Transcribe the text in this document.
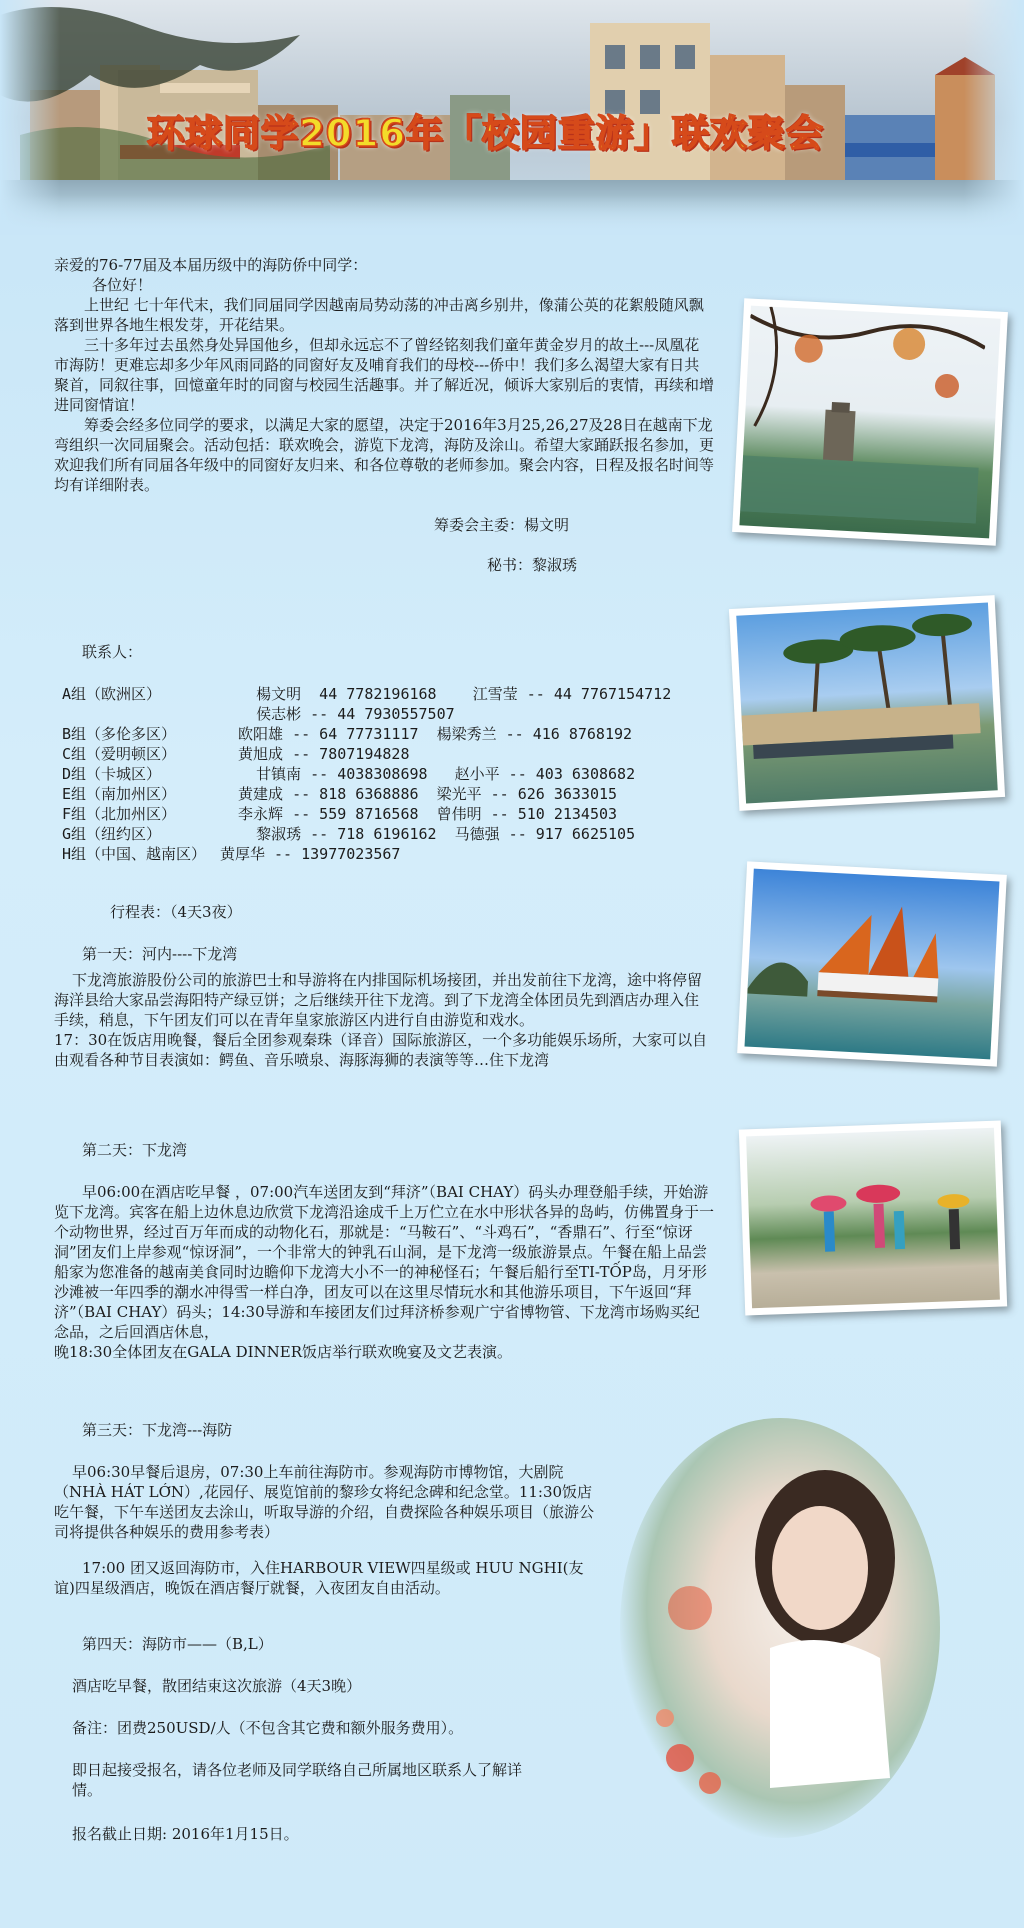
环球同学2016年「校园重游」联欢聚会

亲爱的76-77届及本届历级中的海防侨中同学：

各位好！

上世纪 七十年代末，我们同届同学因越南局势动荡的冲击离乡别井，像蒲公英的花絮般随风飘落到世界各地生根发芽，开花结果。

三十多年过去虽然身处异国他乡，但却永远忘不了曾经铭刻我们童年黄金岁月的故土---凤凰花市海防！更难忘却多少年风雨同路的同窗好友及哺育我们的母校---侨中！我们多么渴望大家有日共聚首，同叙往事，回憶童年时的同窗与校园生活趣事。并了解近况，倾诉大家别后的衷情，再续和增进同窗情谊！

筹委会经多位同学的要求，以满足大家的愿望，决定于2016年3月25,26,27及28日在越南下龙弯组织一次同届聚会。活动包括：联欢晚会，游览下龙湾，海防及涂山。希望大家踊跃报名参加，更欢迎我们所有同届各年级中的同窗好友归来、和各位尊敬的老师参加。聚会内容，日程及报名时间等均有详细附表。

筹委会主委：楊文明

秘书：黎淑琇

联系人：
A组（欧洲区）	楊文明  44 7782196168    江雪莹 -- 44 7767154712
侯志彬 -- 44 7930557507
B组（多伦多区）	欧阳雄 -- 64 77731117  楊梁秀兰 -- 416 8768192
C组（爱明顿区）	黄旭成 -- 7807194828
D组（卡城区）	甘镇南 -- 4038308698   赵小平 -- 403 6308682
E组（南加州区）	黄建成 -- 818 6368886  梁光平 -- 626 3633015
F组（北加州区）	李永辉 -- 559 8716568  曾伟明 -- 510 2134503
G组（纽约区）	黎淑琇 -- 718 6196162  马德强 -- 917 6625105
H组（中国、越南区） 黄厚华 -- 13977023567
行程表：（4天3夜）

第一天：河内----下龙湾

下龙湾旅游股份公司的旅游巴士和导游将在内排国际机场接团，并出发前往下龙湾，途中将停留海洋县给大家品尝海阳特产绿豆饼；之后继续开往下龙湾。到了下龙湾全体团员先到酒店办理入住手续，稍息，下午团友们可以在青年皇家旅游区内进行自由游览和戏水。

17：30在饭店用晚餐，餐后全团参观秦珠（译音）国际旅游区，一个多功能娱乐场所，大家可以自由观看各种节目表演如：鳄鱼、音乐喷泉、海豚海狮的表演等等…住下龙湾

第二天：下龙湾

早06:00在酒店吃早餐 ，07:00汽车送团友到“拜济”（BAI CHAY）码头办理登船手续，开始游览下龙湾。宾客在船上边休息边欣赏下龙湾沿途成千上万伫立在水中形状各异的岛屿，仿佛置身于一个动物世界，经过百万年而成的动物化石，那就是：“马鞍石”、“斗鸡石”，“香鼎石”、行至“惊讶洞”团友们上岸参观“惊讶洞”，一个非常大的钟乳石山洞，是下龙湾一级旅游景点。午餐在船上品尝船家为您准备的越南美食同时边瞻仰下龙湾大小不一的神秘怪石；午餐后船行至TI-TỐP岛，月牙形沙滩被一年四季的潮水冲得雪一样白净，团友可以在这里尽情玩水和其他游乐项目，下午返回“拜济”（BAI CHAY）码头；14:30导游和车接团友们过拜济桥参观广宁省博物管、下龙湾市场购买纪念品，之后回酒店休息，

晚18:30全体团友在GALA DINNER饭店举行联欢晚宴及文艺表演。

第三天：下龙湾---海防

早06:30早餐后退房，07:30上车前往海防市。参观海防市博物馆，大剧院（NHÀ HÁT LỚN）,花园仔、展览馆前的黎珍女将纪念碑和纪念堂。11:30饭店吃午餐，下午车送团友去涂山，听取导游的介绍，自费探险各种娱乐项目（旅游公司将提供各种娱乐的费用参考表）

17:00 团又返回海防市，入住HARBOUR VIEW四星级或 HUU NGHI(友谊)四星级酒店，晚饭在酒店餐厅就餐，入夜团友自由活动。

第四天：海防市——（B,L）

酒店吃早餐，散团结束这次旅游（4天3晚）

备注：团费250USD/人（不包含其它费和额外服务费用）。

即日起接受报名，请各位老师及同学联络自己所属地区联系人了解详情。

报名截止日期: 2016年1月15日。
